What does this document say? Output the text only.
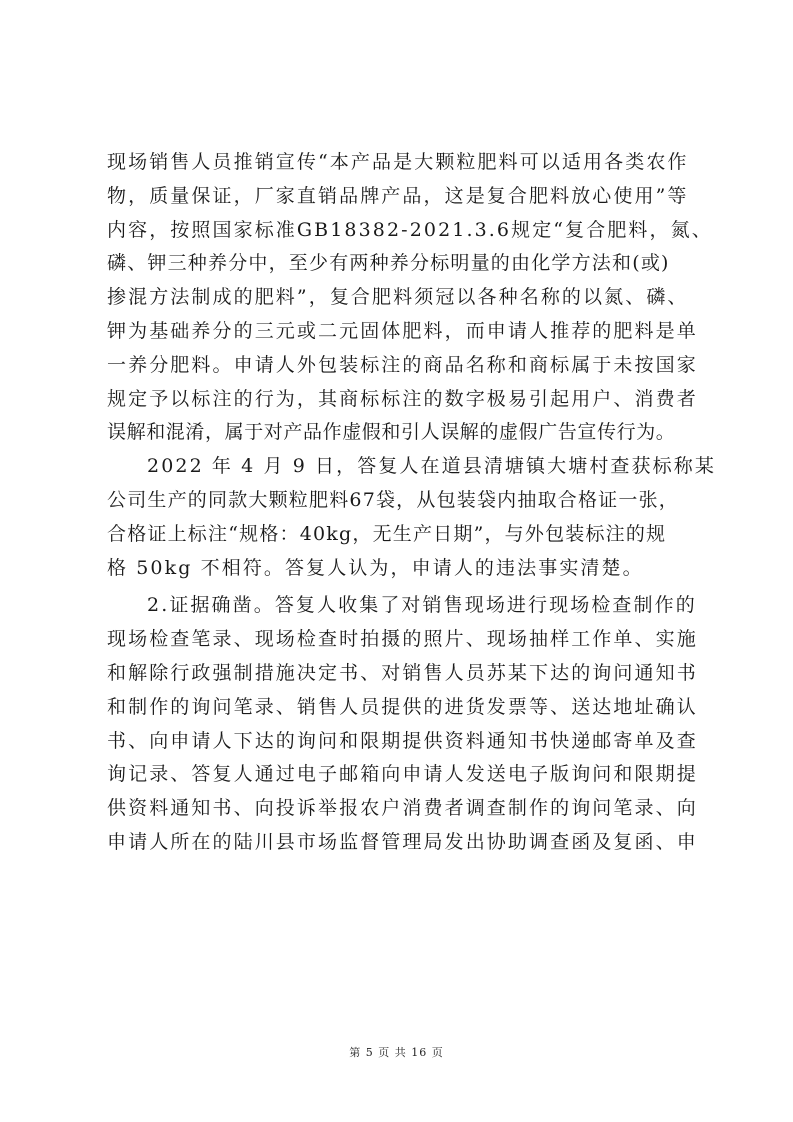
现场销售人员推销宣传“本产品是大颗粒肥料可以适用各类农作
物，质量保证，厂家直销品牌产品，这是复合肥料放心使用”等
内容，按照国家标准GB18382-2021.3.6规定“复合肥料，氮、
磷、钾三种养分中，至少有两种养分标明量的由化学方法和(或)
掺混方法制成的肥料”，复合肥料须冠以各种名称的以氮、磷、
钾为基础养分的三元或二元固体肥料，而申请人推荐的肥料是单
一养分肥料。申请人外包装标注的商品名称和商标属于未按国家
规定予以标注的行为，其商标标注的数字极易引起用户、消费者
误解和混淆，属于对产品作虚假和引人误解的虚假广告宣传行为。
2022 年 4 月 9 日，答复人在道县清塘镇大塘村查获标称某
公司生产的同款大颗粒肥料67袋，从包装袋内抽取合格证一张，
合格证上标注“规格：40kg，无生产日期”，与外包装标注的规
格 50kg 不相符。答复人认为，申请人的违法事实清楚。
2.证据确凿。答复人收集了对销售现场进行现场检查制作的
现场检查笔录、现场检查时拍摄的照片、现场抽样工作单、实施
和解除行政强制措施决定书、对销售人员苏某下达的询问通知书
和制作的询问笔录、销售人员提供的进货发票等、送达地址确认
书、向申请人下达的询问和限期提供资料通知书快递邮寄单及查
询记录、答复人通过电子邮箱向申请人发送电子版询问和限期提
供资料通知书、向投诉举报农户消费者调查制作的询问笔录、向
申请人所在的陆川县市场监督管理局发出协助调查函及复函、申
第 5 页 共 16 页
